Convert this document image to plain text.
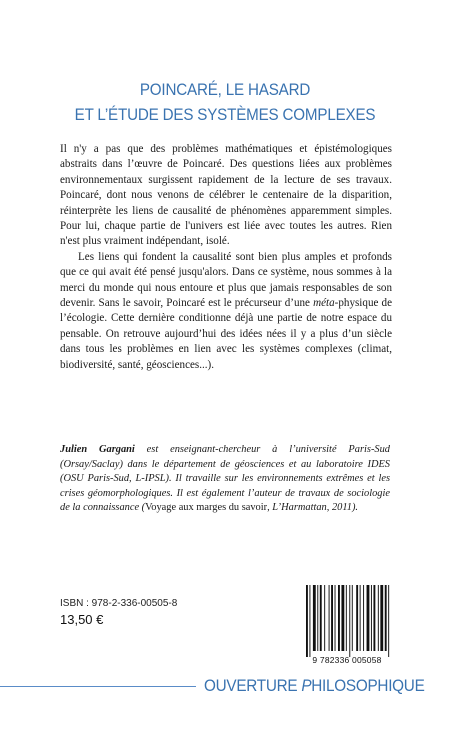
POINCARÉ, LE HASARD
ET L’ÉTUDE DES SYSTÈMES COMPLEXES

Il n'y a pas que des problèmes mathématiques et épistémologiques abstraits dans l’œuvre de Poincaré. Des questions liées aux problèmes environnementaux surgissent rapidement de la lecture de ses travaux. Poincaré, dont nous venons de célébrer le centenaire de la disparition, réinterprète les liens de causalité de phénomènes apparemment simples. Pour lui, chaque partie de l'univers est liée avec toutes les autres. Rien n'est plus vraiment indépendant, isolé.

Les liens qui fondent la causalité sont bien plus amples et profonds que ce qui avait été pensé jusqu'alors. Dans ce système, nous sommes à la merci du monde qui nous entoure et plus que jamais responsables de son devenir. Sans le savoir, Poincaré est le précurseur d’une méta-physique de l’écologie. Cette dernière conditionne déjà une partie de notre espace du pensable. On retrouve aujourd’hui des idées nées il y a plus d’un siècle dans tous les problèmes en lien avec les systèmes complexes (climat, biodiversité, santé, géosciences...).

Julien Gargani est enseignant-chercheur à l’université Paris-Sud (Orsay/Saclay) dans le département de géosciences et au laboratoire IDES (OSU Paris-Sud, L-IPSL). Il travaille sur les environnements extrêmes et les crises géomorphologiques. Il est également l’auteur de travaux de sociologie de la connaissance (Voyage aux marges du savoir, L’Harmattan, 2011).
ISBN : 978-2-336-00505-8
13,50 €
9 782336 005058
OUVERTURE PHILOSOPHIQUE
